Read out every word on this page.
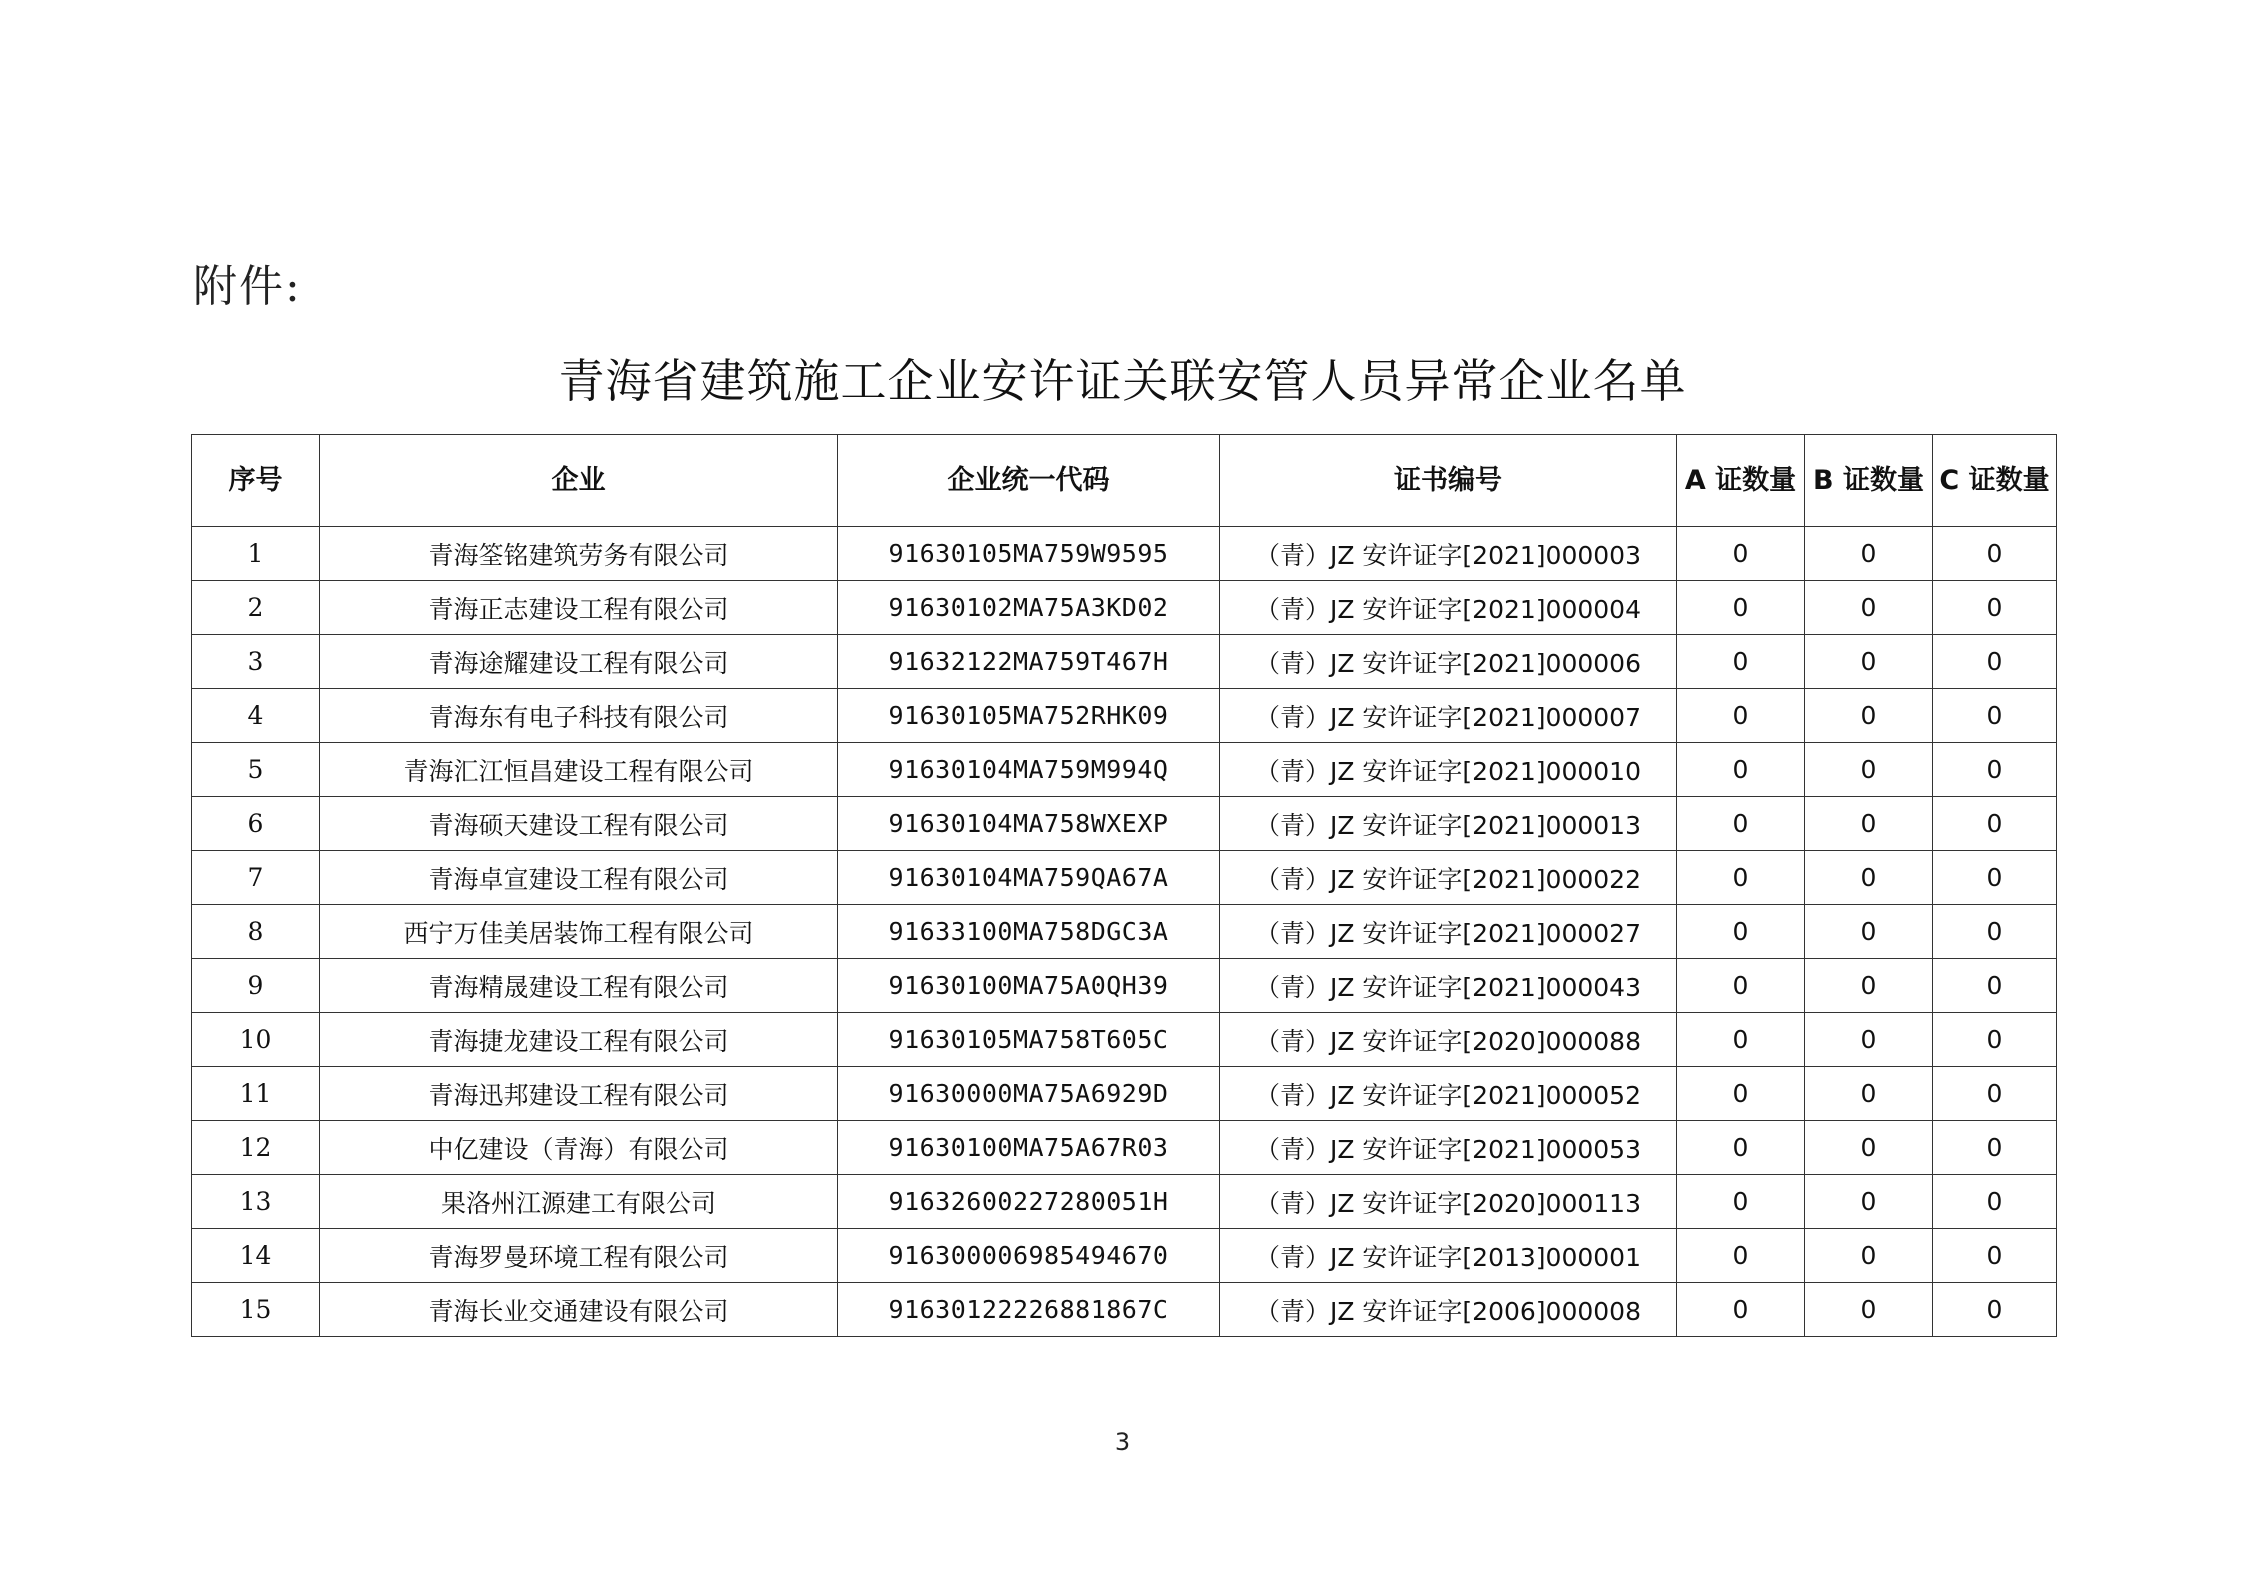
附件:
青海省建筑施工企业安许证关联安管人员异常企业名单
序号	企业	企业统一代码	证书编号	A 证数量	B 证数量	C 证数量
1	青海筌铭建筑劳务有限公司	91630105MA759W9595	（青）JZ 安许证字[2021]000003	0	0	0
2	青海正志建设工程有限公司	91630102MA75A3KD02	（青）JZ 安许证字[2021]000004	0	0	0
3	青海途耀建设工程有限公司	91632122MA759T467H	（青）JZ 安许证字[2021]000006	0	0	0
4	青海东有电子科技有限公司	91630105MA752RHK09	（青）JZ 安许证字[2021]000007	0	0	0
5	青海汇江恒昌建设工程有限公司	91630104MA759M994Q	（青）JZ 安许证字[2021]000010	0	0	0
6	青海硕天建设工程有限公司	91630104MA758WXEXP	（青）JZ 安许证字[2021]000013	0	0	0
7	青海卓宣建设工程有限公司	91630104MA759QA67A	（青）JZ 安许证字[2021]000022	0	0	0
8	西宁万佳美居装饰工程有限公司	91633100MA758DGC3A	（青）JZ 安许证字[2021]000027	0	0	0
9	青海精晟建设工程有限公司	91630100MA75A0QH39	（青）JZ 安许证字[2021]000043	0	0	0
10	青海捷龙建设工程有限公司	91630105MA758T605C	（青）JZ 安许证字[2020]000088	0	0	0
11	青海迅邦建设工程有限公司	91630000MA75A6929D	（青）JZ 安许证字[2021]000052	0	0	0
12	中亿建设（青海）有限公司	91630100MA75A67R03	（青）JZ 安许证字[2021]000053	0	0	0
13	果洛州江源建工有限公司	91632600227280051H	（青）JZ 安许证字[2020]000113	0	0	0
14	青海罗曼环境工程有限公司	916300006985494670	（青）JZ 安许证字[2013]000001	0	0	0
15	青海长业交通建设有限公司	91630122226881867C	（青）JZ 安许证字[2006]000008	0	0	0
3
